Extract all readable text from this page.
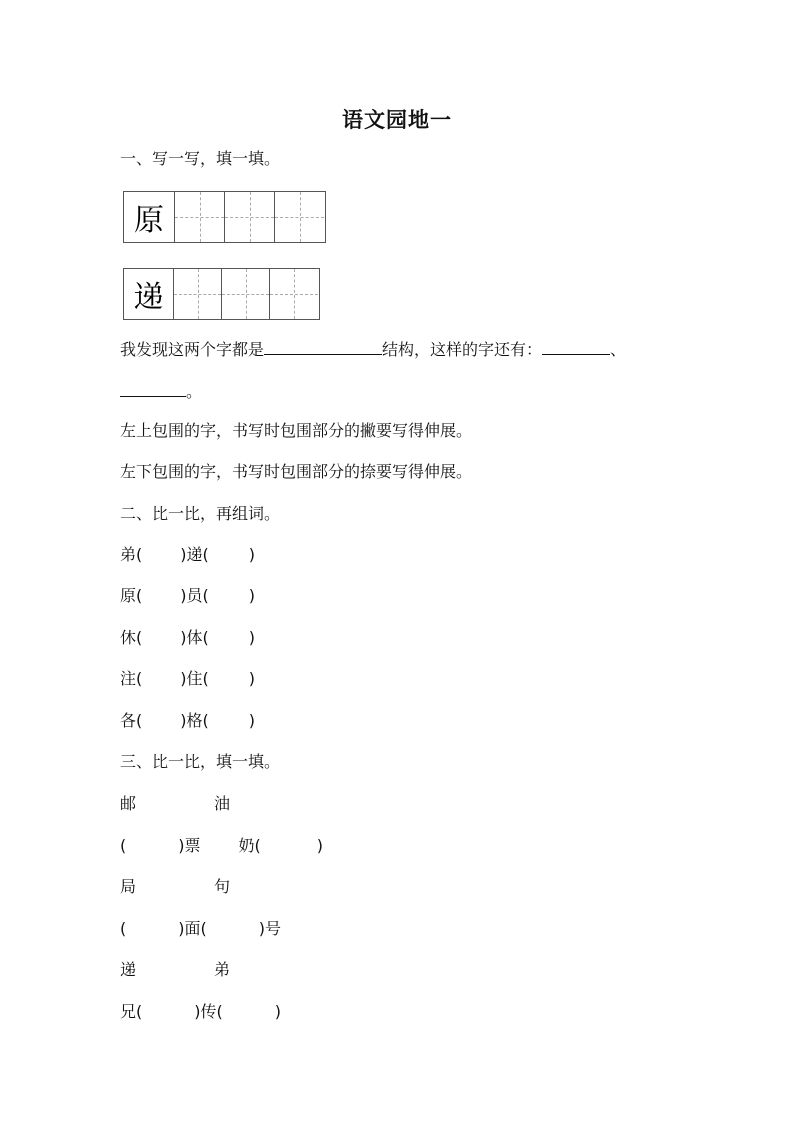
语文园地一
一、写一写，填一填。
原
递
我发现这两个字都是	结构，这样的字还有：	、
。
左上包围的字，书写时包围部分的撇要写得伸展。
左下包围的字，书写时包围部分的捺要写得伸展。
二、比一比，再组词。
弟( )递(	)
原( )员(	)
休( )体(	)
注( )住(	)
各( )格(	)
三、比一比，填一填。
邮	油
(	)票 奶(	)
局	句
(	)面(	)号
递	弟
兄(	)传(	)
